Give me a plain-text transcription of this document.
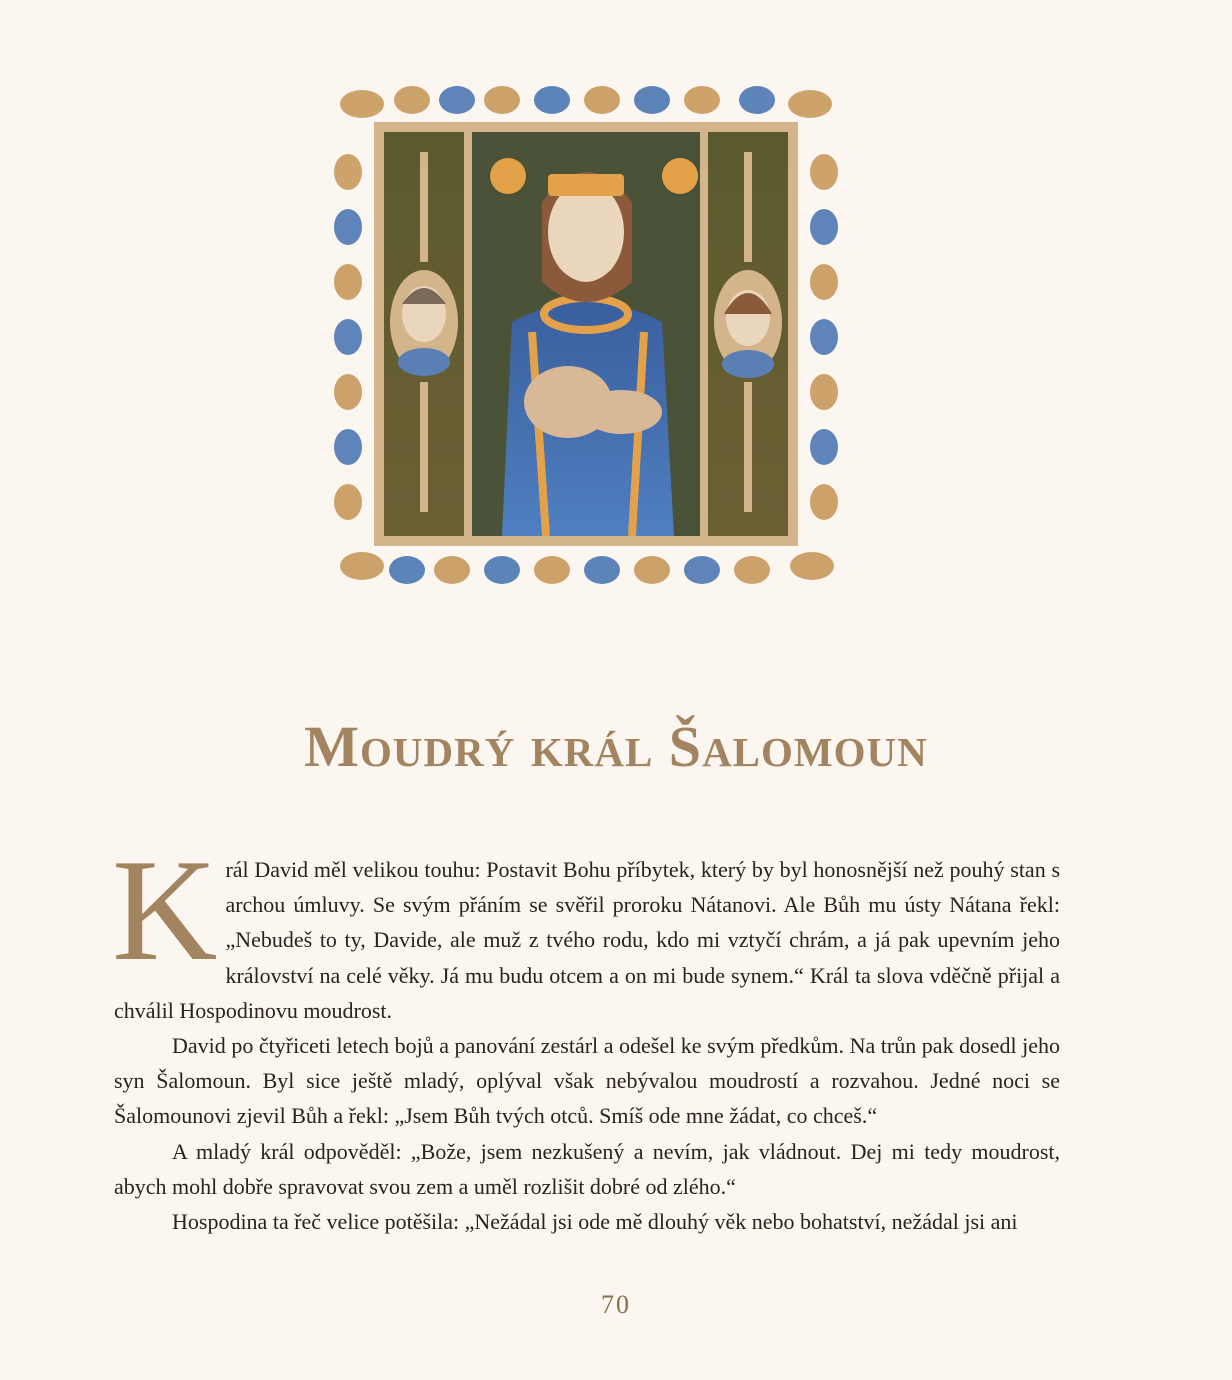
Moudrý král Šalomoun

Král David měl velikou touhu: Postavit Bohu příbytek, který by byl honosnější než pouhý stan s archou úmluvy. Se svým přáním se svěřil proroku Nátanovi. Ale Bůh mu ústy Nátana řekl: „Nebudeš to ty, Davide, ale muž z tvého rodu, kdo mi vztyčí chrám, a já pak upevním jeho království na celé věky. Já mu budu otcem a on mi bude synem.“ Král ta slova vděčně přijal a chválil Hospodinovu moudrost.

David po čtyřiceti letech bojů a panování zestárl a odešel ke svým předkům. Na trůn pak dosedl jeho syn Šalomoun. Byl sice ještě mladý, oplýval však nebývalou moudrostí a rozvahou. Jedné noci se Šalomounovi zjevil Bůh a řekl: „Jsem Bůh tvých otců. Smíš ode mne žádat, co chceš.“

A mladý král odpověděl: „Bože, jsem nezkušený a nevím, jak vládnout. Dej mi tedy moudrost, abych mohl dobře spravovat svou zem a uměl rozlišit dobré od zlého.“

Hospodina ta řeč velice potěšila: „Nežádal jsi ode mě dlouhý věk nebo bohatství, nežádal jsi ani

70
